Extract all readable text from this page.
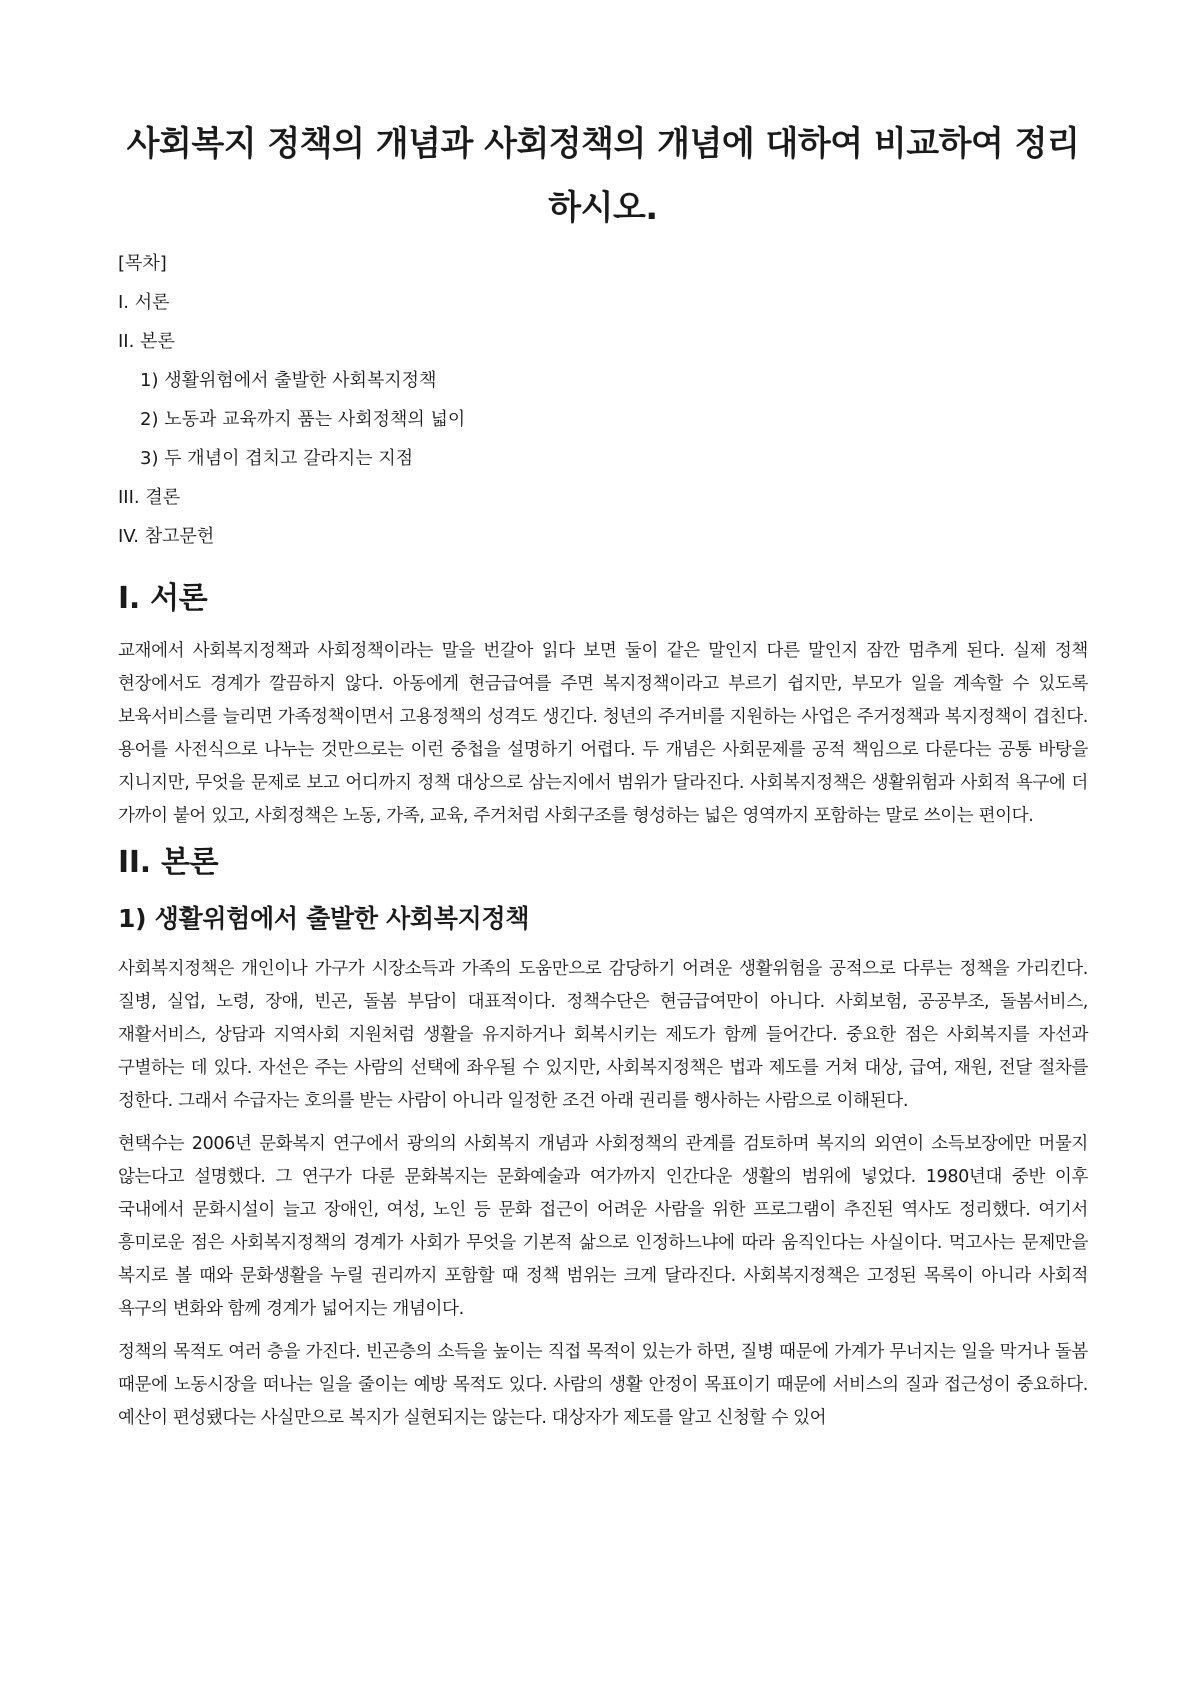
사회복지 정책의 개념과 사회정책의 개념에 대하여 비교하여 정리하시오.
[목차]
I. 서론
II. 본론
1) 생활위험에서 출발한 사회복지정책
2) 노동과 교육까지 품는 사회정책의 넓이
3) 두 개념이 겹치고 갈라지는 지점
III. 결론
IV. 참고문헌
I. 서론

교재에서 사회복지정책과 사회정책이라는 말을 번갈아 읽다 보면 둘이 같은 말인지 다른 말인지 잠깐 멈추게 된다. 실제 정책 현장에서도 경계가 깔끔하지 않다. 아동에게 현금급여를 주면 복지정책이라고 부르기 쉽지만, 부모가 일을 계속할 수 있도록 보육서비스를 늘리면 가족정책이면서 고용정책의 성격도 생긴다. 청년의 주거비를 지원하는 사업은 주거정책과 복지정책이 겹친다. 용어를 사전식으로 나누는 것만으로는 이런 중첩을 설명하기 어렵다. 두 개념은 사회문제를 공적 책임으로 다룬다는 공통 바탕을 지니지만, 무엇을 문제로 보고 어디까지 정책 대상으로 삼는지에서 범위가 달라진다. 사회복지정책은 생활위험과 사회적 욕구에 더 가까이 붙어 있고, 사회정책은 노동, 가족, 교육, 주거처럼 사회구조를 형성하는 넓은 영역까지 포함하는 말로 쓰이는 편이다.

II. 본론
1) 생활위험에서 출발한 사회복지정책

사회복지정책은 개인이나 가구가 시장소득과 가족의 도움만으로 감당하기 어려운 생활위험을 공적으로 다루는 정책을 가리킨다. 질병, 실업, 노령, 장애, 빈곤, 돌봄 부담이 대표적이다. 정책수단은 현금급여만이 아니다. 사회보험, 공공부조, 돌봄서비스, 재활서비스, 상담과 지역사회 지원처럼 생활을 유지하거나 회복시키는 제도가 함께 들어간다. 중요한 점은 사회복지를 자선과 구별하는 데 있다. 자선은 주는 사람의 선택에 좌우될 수 있지만, 사회복지정책은 법과 제도를 거쳐 대상, 급여, 재원, 전달 절차를 정한다. 그래서 수급자는 호의를 받는 사람이 아니라 일정한 조건 아래 권리를 행사하는 사람으로 이해된다.

현택수는 2006년 문화복지 연구에서 광의의 사회복지 개념과 사회정책의 관계를 검토하며 복지의 외연이 소득보장에만 머물지 않는다고 설명했다. 그 연구가 다룬 문화복지는 문화예술과 여가까지 인간다운 생활의 범위에 넣었다. 1980년대 중반 이후 국내에서 문화시설이 늘고 장애인, 여성, 노인 등 문화 접근이 어려운 사람을 위한 프로그램이 추진된 역사도 정리했다. 여기서 흥미로운 점은 사회복지정책의 경계가 사회가 무엇을 기본적 삶으로 인정하느냐에 따라 움직인다는 사실이다. 먹고사는 문제만을 복지로 볼 때와 문화생활을 누릴 권리까지 포함할 때 정책 범위는 크게 달라진다. 사회복지정책은 고정된 목록이 아니라 사회적 욕구의 변화와 함께 경계가 넓어지는 개념이다.

정책의 목적도 여러 층을 가진다. 빈곤층의 소득을 높이는 직접 목적이 있는가 하면, 질병 때문에 가계가 무너지는 일을 막거나 돌봄 때문에 노동시장을 떠나는 일을 줄이는 예방 목적도 있다. 사람의 생활 안정이 목표이기 때문에 서비스의 질과 접근성이 중요하다. 예산이 편성됐다는 사실만으로 복지가 실현되지는 않는다. 대상자가 제도를 알고 신청할 수 있어
